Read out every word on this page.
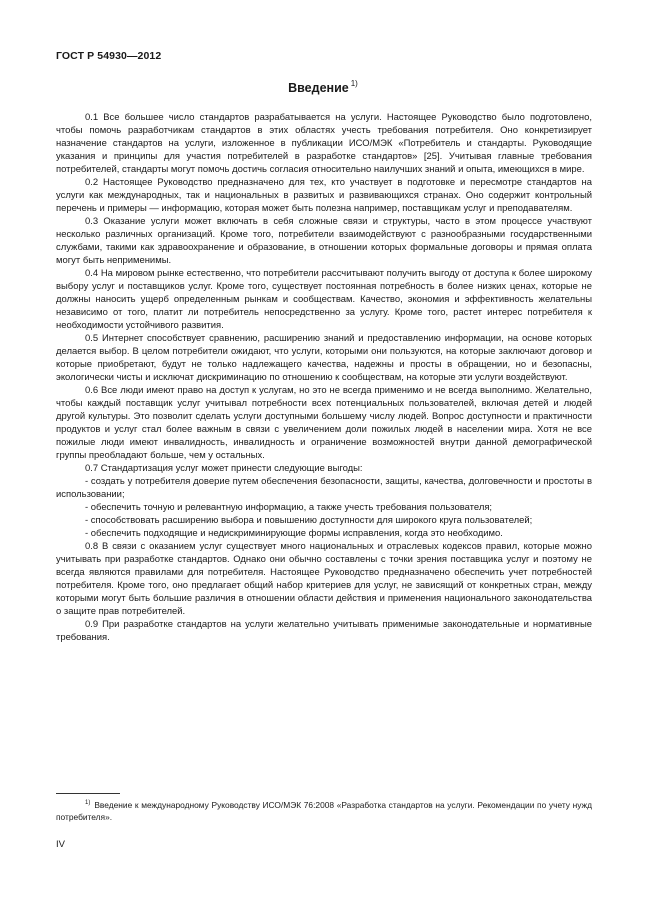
ГОСТ Р 54930—2012
Введение $^{1)}$

0.1 Все большее число стандартов разрабатывается на услуги. Настоящее Руководство было подготовлено, чтобы помочь разработчикам стандартов в этих областях учесть требования потребителя. Оно конкретизирует назначение стандартов на услуги, изложенное в публикации ИСО/МЭК «Потребитель и стандарты. Руководящие указания и принципы для участия потребителей в разработке стандартов» [25]. Учитывая главные требования потребителей, стандарты могут помочь достичь согласия относительно наилучших знаний и опыта, имеющихся в мире.

0.2 Настоящее Руководство предназначено для тех, кто участвует в подготовке и пересмотре стандартов на услуги как международных, так и национальных в развитых и развивающихся странах. Оно содержит контрольный перечень и примеры — информацию, которая может быть полезна например, поставщикам услуг и преподавателям.

0.3 Оказание услуги может включать в себя сложные связи и структуры, часто в этом процессе участвуют несколько различных организаций. Кроме того, потребители взаимодействуют с разнообразными государственными службами, такими как здравоохранение и образование, в отношении которых формальные договоры и прямая оплата могут быть неприменимы.

0.4 На мировом рынке естественно, что потребители рассчитывают получить выгоду от доступа к более широкому выбору услуг и поставщиков услуг. Кроме того, существует постоянная потребность в более низких ценах, которые не должны наносить ущерб определенным рынкам и сообществам. Качество, экономия и эффективность желательны независимо от того, платит ли потребитель непосредственно за услугу. Кроме того, растет интерес потребителя к необходимости устойчивого развития.

0.5 Интернет способствует сравнению, расширению знаний и предоставлению информации, на основе которых делается выбор. В целом потребители ожидают, что услуги, которыми они пользуются, на которые заключают договор и которые приобретают, будут не только надлежащего качества, надежны и просты в обращении, но и безопасны, экологически чисты и исключат дискриминацию по отношению к сообществам, на которые эти услуги воздействуют.

0.6 Все люди имеют право на доступ к услугам, но это не всегда применимо и не всегда выполнимо. Желательно, чтобы каждый поставщик услуг учитывал потребности всех потенциальных пользователей, включая детей и людей другой культуры. Это позволит сделать услуги доступными большему числу людей. Вопрос доступности и практичности продуктов и услуг стал более важным в связи с увеличением доли пожилых людей в населении мира. Хотя не все пожилые люди имеют инвалидность, инвалидность и ограничение возможностей внутри данной демографической группы преобладают больше, чем у остальных.

0.7 Стандартизация услуг может принести следующие выгоды:

- создать у потребителя доверие путем обеспечения безопасности, защиты, качества, долговечности и простоты в использовании;

- обеспечить точную и релевантную информацию, а также учесть требования пользователя;

- способствовать расширению выбора и повышению доступности для широкого круга пользователей;

- обеспечить подходящие и недискриминирующие формы исправления, когда это необходимо.

0.8 В связи с оказанием услуг существует много национальных и отраслевых кодексов правил, которые можно учитывать при разработке стандартов. Однако они обычно составлены с точки зрения поставщика услуг и поэтому не всегда являются правилами для потребителя. Настоящее Руководство предназначено обеспечить учет потребностей потребителя. Кроме того, оно предлагает общий набор критериев для услуг, не зависящий от конкретных стран, между которыми могут быть большие различия в отношении области действия и применения национального законодательства о защите прав потребителей.

0.9 При разработке стандартов на услуги желательно учитывать применимые законодательные и нормативные требования.

$^{1)}$ Введение к международному Руководству ИСО/МЭК 76:2008 «Разработка стандартов на услуги. Рекомендации по учету нужд потребителя».
IV
